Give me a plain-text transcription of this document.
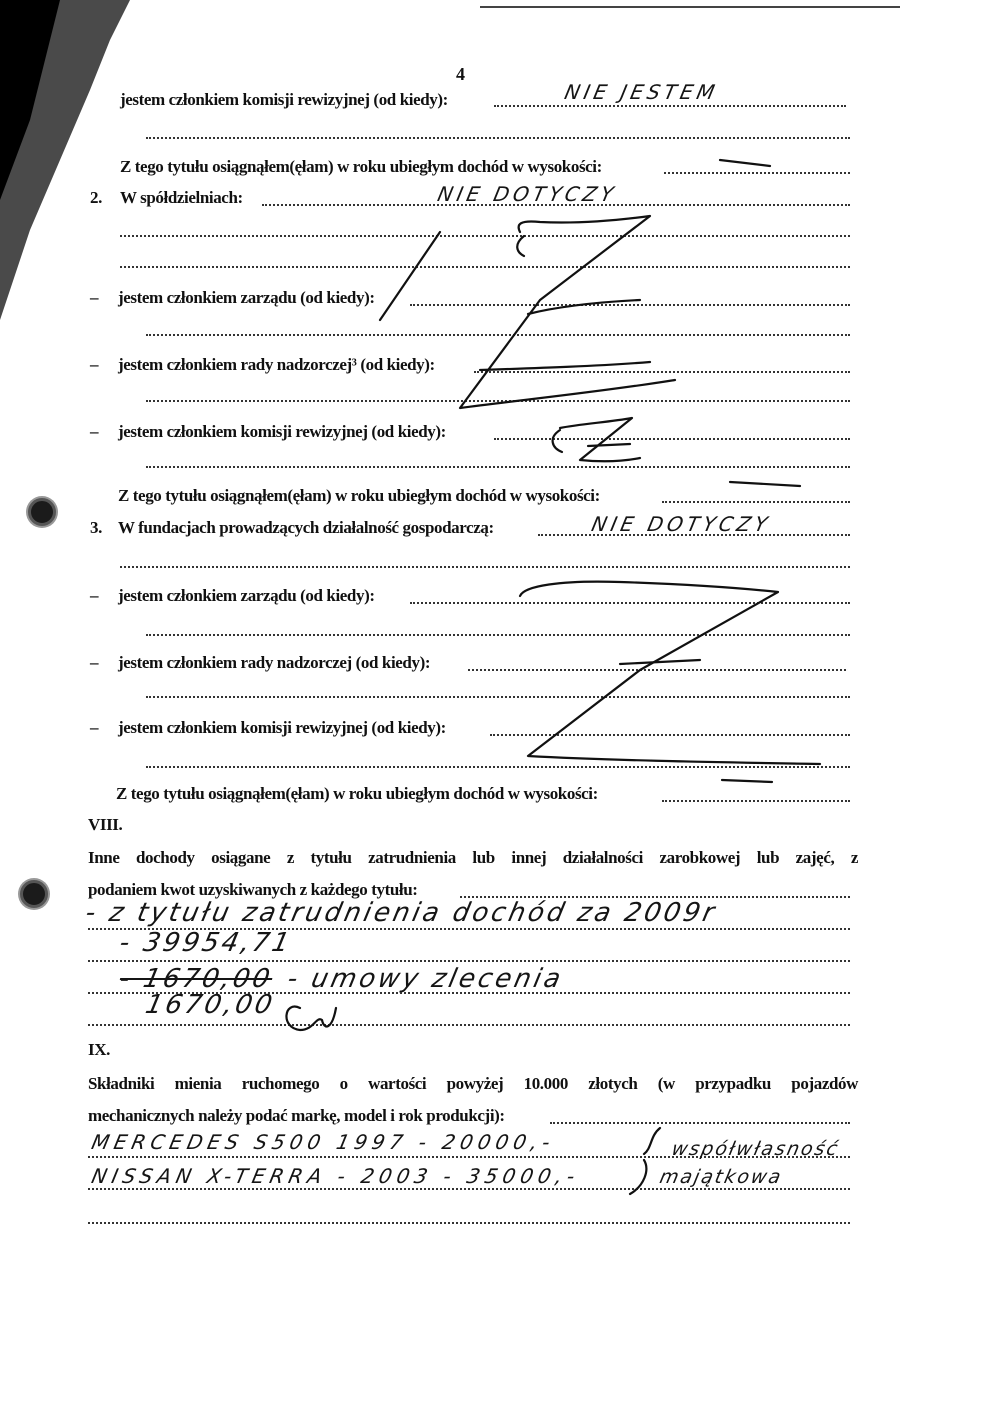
4
jestem członkiem komisji rewizyjnej (od kiedy):	NIE JESTEM
Z tego tytułu osiągnąłem(ęłam) w roku ubiegłym dochód w wysokości:
2. W spółdzielniach:	NIE DOTYCZY
– jestem członkiem zarządu (od kiedy):
– jestem członkiem rady nadzorczej³ (od kiedy):
– jestem członkiem komisji rewizyjnej (od kiedy):
Z tego tytułu osiągnąłem(ęłam) w roku ubiegłym dochód w wysokości:
3. W fundacjach prowadzących działalność gospodarczą:	NIE DOTYCZY
– jestem członkiem zarządu (od kiedy):
– jestem członkiem rady nadzorczej (od kiedy):
– jestem członkiem komisji rewizyjnej (od kiedy):
Z tego tytułu osiągnąłem(ęłam) w roku ubiegłym dochód w wysokości:
VIII.
Inne dochody osiągane z tytułu zatrudnienia lub innej działalności zarobkowej lub zajęć, z
podaniem kwot uzyskiwanych z każdego tytułu:
- z tytułu zatrudnienia dochód za 2009r
- 39954,71
- 1670,00 - umowy zlecenia
1670,00
IX.
Składniki mienia ruchomego o wartości powyżej 10.000 złotych (w przypadku pojazdów
mechanicznych należy podać markę, model i rok produkcji):
MERCEDES S500 1997 - 20000,-
NISSAN X-TERRA - 2003 - 35000,-
współwłasność
majątkowa
